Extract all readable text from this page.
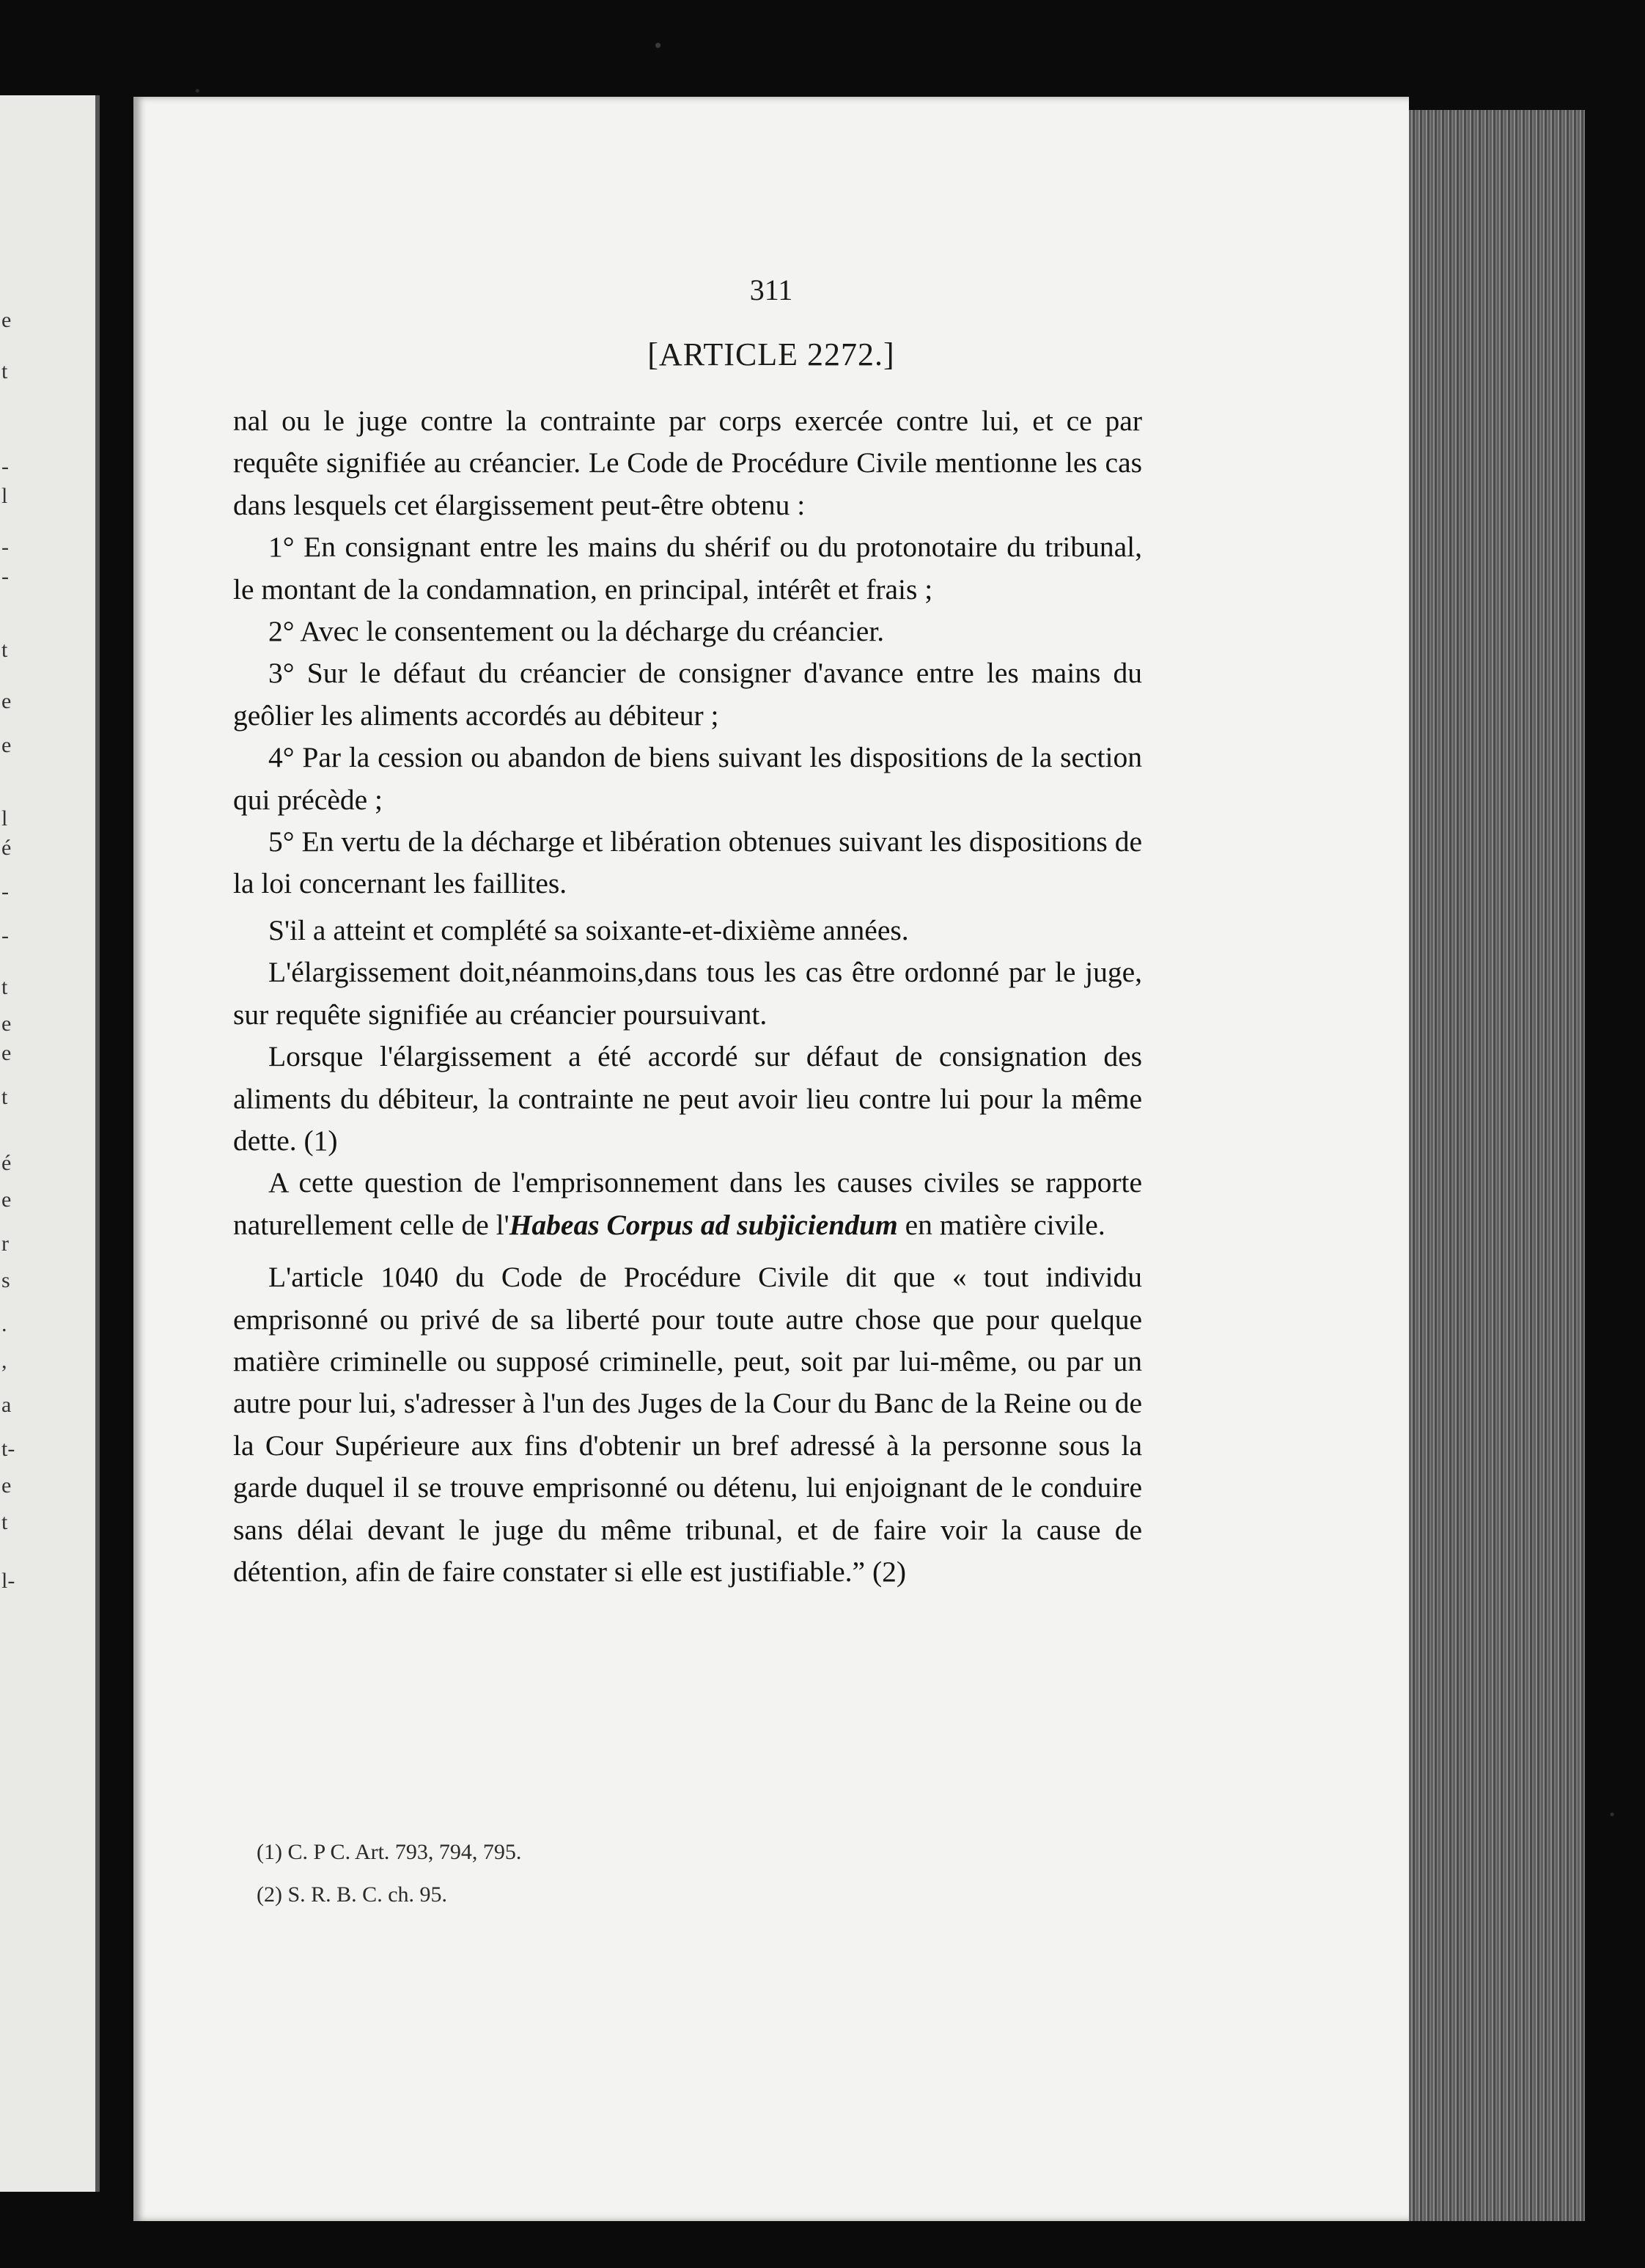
e
t
-
l
-
-
t
e
e
l
é
-
-
t
e
e
t
é
e
r
s
.
,
a
t-
e
t
l-
311
[ARTICLE 2272.]

nal ou le juge contre la contrainte par corps exercée contre lui, et ce par requête signifiée au créancier. Le Code de Procédure Civile mentionne les cas dans lesquels cet élargissement peut-être obtenu :

1° En consignant entre les mains du shérif ou du protonotaire du tribunal, le montant de la condamnation, en principal, intérêt et frais ;

2° Avec le consentement ou la décharge du créancier.

3° Sur le défaut du créancier de consigner d'avance entre les mains du geôlier les aliments accordés au débiteur ;

4° Par la cession ou abandon de biens suivant les dispositions de la section qui précède ;

5° En vertu de la décharge et libération obtenues suivant les dispositions de la loi concernant les faillites.

S'il a atteint et complété sa soixante-et-dixième années.

L'élargissement doit,néanmoins,dans tous les cas être ordonné par le juge, sur requête signifiée au créancier poursuivant.

Lorsque l'élargissement a été accordé sur défaut de consignation des aliments du débiteur, la contrainte ne peut avoir lieu contre lui pour la même dette. (1)

A cette question de l'emprisonnement dans les causes civiles se rapporte naturellement celle de l'Habeas Corpus ad subjiciendum en matière civile.

L'article 1040 du Code de Procédure Civile dit que « tout individu emprisonné ou privé de sa liberté pour toute autre chose que pour quelque matière criminelle ou supposé criminelle, peut, soit par lui-même, ou par un autre pour lui, s'adresser à l'un des Juges de la Cour du Banc de la Reine ou de la Cour Supérieure aux fins d'obtenir un bref adressé à la personne sous la garde duquel il se trouve emprisonné ou détenu, lui enjoignant de le conduire sans délai devant le juge du même tribunal, et de faire voir la cause de détention, afin de faire constater si elle est justifiable.” (2)

(1) C. P C. Art. 793, 794, 795.

(2) S. R. B. C. ch. 95.
